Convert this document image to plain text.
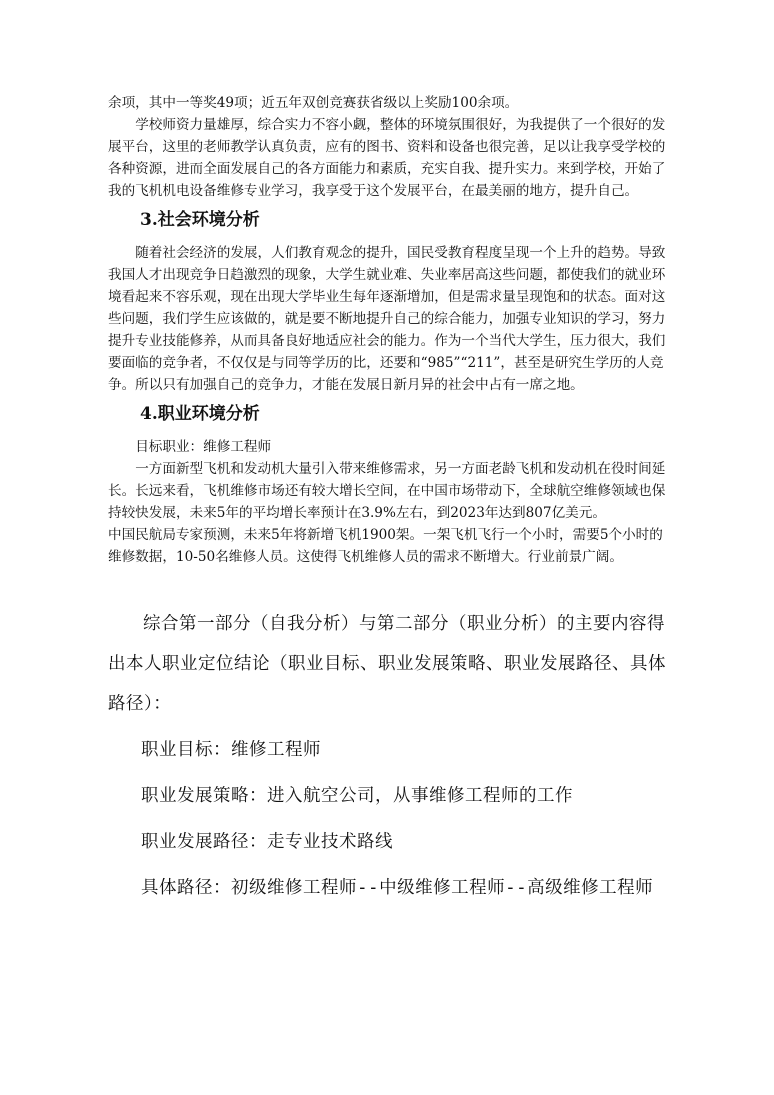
余项，其中一等奖49项；近五年双创竞赛获省级以上奖励100余项。

学校师资力量雄厚，综合实力不容小觑，整体的环境氛围很好，为我提供了一个很好的发展平台，这里的老师教学认真负责，应有的图书、资料和设备也很完善，足以让我享受学校的各种资源，进而全面发展自己的各方面能力和素质，充实自我、提升实力。来到学校，开始了我的飞机机电设备维修专业学习，我享受于这个发展平台，在最美丽的地方，提升自己。

3.社会环境分析

随着社会经济的发展，人们教育观念的提升，国民受教育程度呈现一个上升的趋势。导致我国人才出现竞争日趋激烈的现象，大学生就业难、失业率居高这些问题，都使我们的就业环境看起来不容乐观，现在出现大学毕业生每年逐渐增加，但是需求量呈现饱和的状态。面对这些问题，我们学生应该做的，就是要不断地提升自己的综合能力，加强专业知识的学习，努力提升专业技能修养，从而具备良好地适应社会的能力。作为一个当代大学生，压力很大，我们要面临的竞争者，不仅仅是与同等学历的比，还要和“985”“211”，甚至是研究生学历的人竞争。所以只有加强自己的竞争力，才能在发展日新月异的社会中占有一席之地。

4.职业环境分析

目标职业：维修工程师

一方面新型飞机和发动机大量引入带来维修需求，另一方面老龄飞机和发动机在役时间延长。长远来看，飞机维修市场还有较大增长空间，在中国市场带动下，全球航空维修领域也保持较快发展，未来5年的平均增长率预计在3.9%左右，到2023年达到807亿美元。

中国民航局专家预测，未来5年将新增飞机1900架。一架飞机飞行一个小时，需要5个小时的维修数据，10-50名维修人员。这使得飞机维修人员的需求不断增大。行业前景广阔。

综合第一部分（自我分析）与第二部分（职业分析）的主要内容得出本人职业定位结论（职业目标、职业发展策略、职业发展路径、具体路径）：

职业目标：维修工程师

职业发展策略：进入航空公司，从事维修工程师的工作

职业发展路径：走专业技术路线

具体路径：初级维修工程师--中级维修工程师--高级维修工程师
